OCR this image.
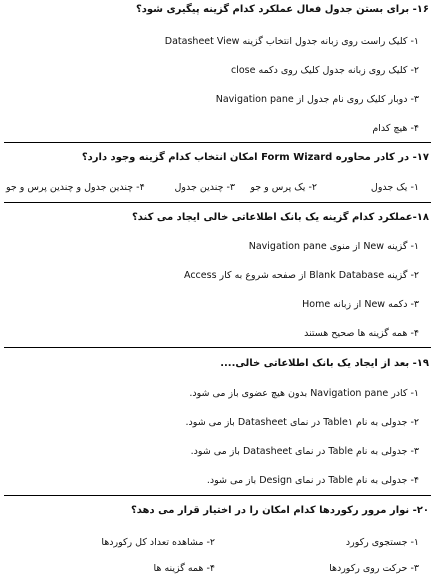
۱۶- برای بستن جدول فعال عملکرد کدام گزینه پیگیری شود؟
۱- کلیک راست روی زبانه جدول انتخاب گزینه Datasheet View
۲- کلیک روی زبانه جدول کلیک روی دکمه close
۳- دوبار کلیک روی نام جدول از Navigation pane
۴- هیچ کدام
۱۷- در کادر محاوره Form Wizard امکان انتخاب کدام گزینه وجود دارد؟
۱- یک جدول
۲- یک پرس و جو
۳- چندین جدول
۴- چندین جدول و چندین پرس و جو
۱۸-عملکرد کدام گزینه یک بانک اطلاعاتی خالی ایجاد می کند؟
۱- گزینه New از منوی Navigation pane
۲- گزینه Blank Database از صفحه شروع به کار Access
۳- دکمه New از زبانه Home
۴- همه گزینه ها صحیح هستند
۱۹- بعد از ایجاد یک بانک اطلاعاتی خالی....
۱- کادر Navigation pane بدون هیچ عضوی باز می شود.
۲- جدولی به نام Table۱ در نمای Datasheet باز می شود.
۳- جدولی به نام Table در نمای Datasheet باز می شود.
۴- جدولی به نام Table در نمای Design باز می شود.
۲۰- نوار مرور رکوردها کدام امکان را در اختیار قرار می دهد؟
۱- جستجوی رکورد
۲- مشاهده تعداد کل رکوردها
۳- حرکت روی رکوردها
۴- همه گزینه ها
